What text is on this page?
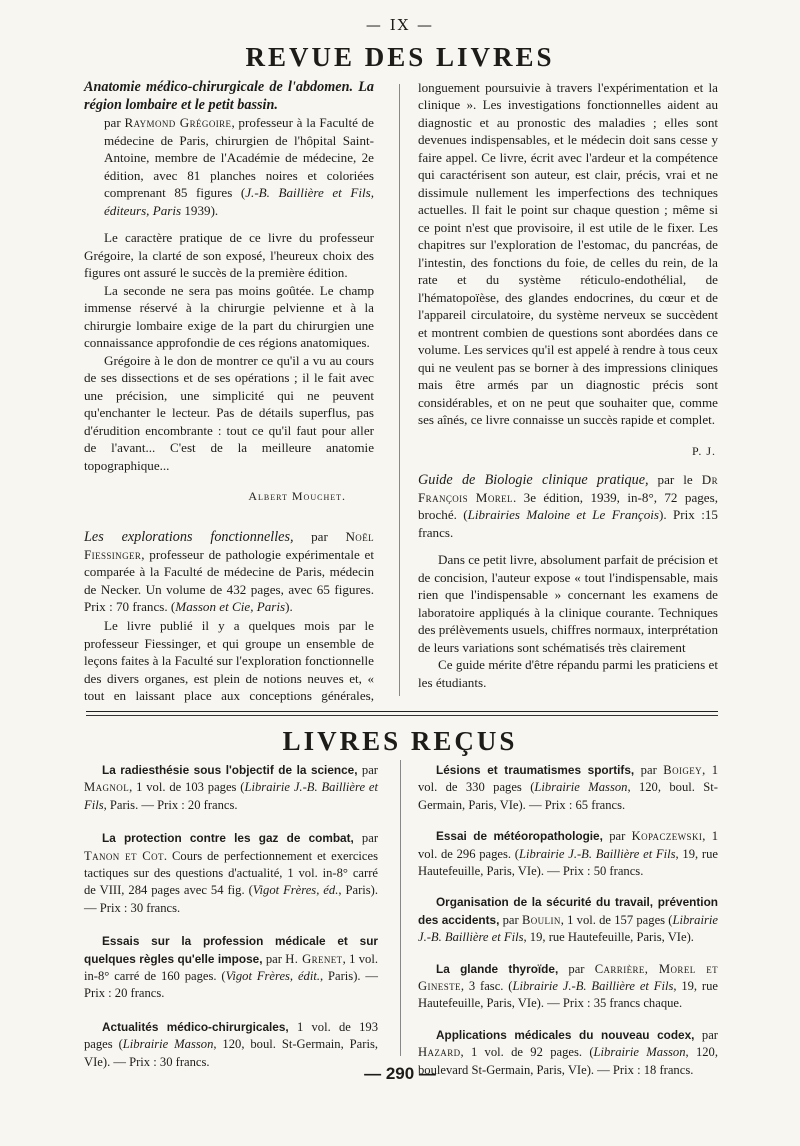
— IX —
REVUE DES LIVRES
Anatomie médico-chirurgicale de l'abdomen. La région lombaire et le petit bassin.

par Raymond Grégoire, professeur à la Faculté de médecine de Paris, chirurgien de l'hôpital Saint-Antoine, membre de l'Académie de médecine, 2e édition, avec 81 planches noires et coloriées comprenant 85 figures (J.-B. Baillière et Fils, éditeurs, Paris 1939).

Le caractère pratique de ce livre du professeur Grégoire, la clarté de son exposé, l'heureux choix des figures ont assuré le succès de la première édition.

La seconde ne sera pas moins goûtée. Le champ immense réservé à la chirurgie pelvienne et à la chirurgie lombaire exige de la part du chirurgien une connaissance approfondie de ces régions anatomiques.

Grégoire à le don de montrer ce qu'il a vu au cours de ses dissections et de ses opérations ; il le fait avec une précision, une simplicité qui ne peuvent qu'enchanter le lecteur. Pas de détails superflus, pas d'érudition encombrante : tout ce qu'il faut pour aller de l'avant... C'est de la meilleure anatomie topographique...

Albert Mouchet.

Les explorations fonctionnelles, par Noël Fiessinger, professeur de pathologie expérimentale et comparée à la Faculté de médecine de Paris, médecin de Necker. Un volume de 432 pages, avec 65 figures. Prix : 70 francs. (Masson et Cie, Paris).

Le livre publié il y a quelques mois par le professeur Fiessinger, et qui groupe un ensemble de leçons faites à la Faculté sur l'exploration fonctionnelle des divers organes, est plein de notions neuves et, « tout en laissant place aux conceptions générales,

longuement poursuivie à travers l'expérimentation et la clinique ». Les investigations fonctionnelles aident au diagnostic et au pronostic des maladies ; elles sont devenues indispensables, et le médecin doit sans cesse y faire appel. Ce livre, écrit avec l'ardeur et la compétence qui caractérisent son auteur, est clair, précis, vrai et ne dissimule nullement les imperfections des techniques actuelles. Il fait le point sur chaque question ; même si ce point n'est que provisoire, il est utile de le fixer. Les chapitres sur l'exploration de l'estomac, du pancréas, de l'intestin, des fonctions du foie, de celles du rein, de la rate et du système réticulo-endothélial, de l'hématopoïèse, des glandes endocrines, du cœur et de l'appareil circulatoire, du système nerveux se succèdent et montrent combien de questions sont abordées dans ce volume. Les services qu'il est appelé à rendre à tous ceux qui ne veulent pas se borner à des impressions cliniques mais être armés par un diagnostic précis sont considérables, et on ne peut que souhaiter que, comme ses aînés, ce livre connaisse un succès rapide et complet.

P. J.

Guide de Biologie clinique pratique, par le Dr François Morel. 3e édition, 1939, in-8°, 72 pages, broché. (Librairies Maloine et Le François). Prix :15 francs.

Dans ce petit livre, absolument parfait de précision et de concision, l'auteur expose « tout l'indispensable, mais rien que l'indispensable » concernant les examens de laboratoire appliqués à la clinique courante. Techniques des prélèvements usuels, chiffres normaux, interprétation de leurs variations sont schématisés très clairement

Ce guide mérite d'être répandu parmi les praticiens et les étudiants.

LIVRES REÇUS

La radiesthésie sous l'objectif de la science, par Magnol, 1 vol. de 103 pages (Librairie J.-B. Baillière et Fils, Paris. — Prix : 20 francs.

La protection contre les gaz de combat, par Tanon et Cot. Cours de perfectionnement et exercices tactiques sur des questions d'actualité, 1 vol. in-8° carré de VIII, 284 pages avec 54 fig. (Vigot Frères, éd., Paris). — Prix : 30 francs.

Essais sur la profession médicale et sur quelques règles qu'elle impose, par H. Grenet, 1 vol. in-8° carré de 160 pages. (Vigot Frères, édit., Paris). — Prix : 20 francs.

Actualités médico-chirurgicales, 1 vol. de 193 pages (Librairie Masson, 120, boul. St-Germain, Paris, VIe). — Prix : 30 francs.

Lésions et traumatismes sportifs, par Boigey, 1 vol. de 330 pages (Librairie Masson, 120, boul. St-Germain, Paris, VIe). — Prix : 65 francs.

Essai de météoropathologie, par Kopaczewski, 1 vol. de 296 pages. (Librairie J.-B. Baillière et Fils, 19, rue Hautefeuille, Paris, VIe). — Prix : 50 francs.

Organisation de la sécurité du travail, prévention des accidents, par Boulin, 1 vol. de 157 pages (Librairie J.-B. Baillière et Fils, 19, rue Hautefeuille, Paris, VIe).

La glande thyroïde, par Carrière, Morel et Gineste, 3 fasc. (Librairie J.-B. Baillière et Fils, 19, rue Hautefeuille, Paris, VIe). — Prix : 35 francs chaque.

Applications médicales du nouveau codex, par Hazard, 1 vol. de 92 pages. (Librairie Masson, 120, boulevard St-Germain, Paris, VIe). — Prix : 18 francs.

— 290 —
